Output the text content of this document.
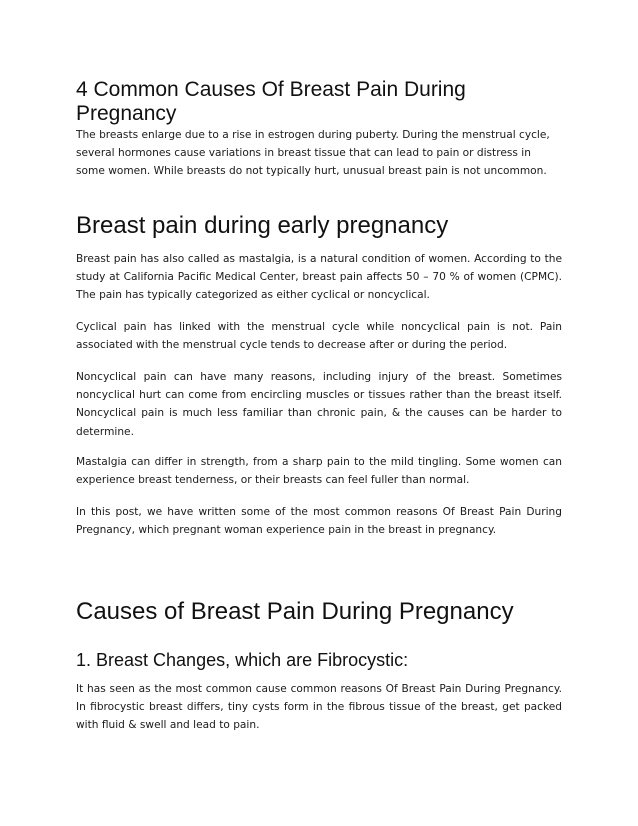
4 Common Causes Of Breast Pain During Pregnancy

The breasts enlarge due to a rise in estrogen during puberty. During the menstrual cycle, several hormones cause variations in breast tissue that can lead to pain or distress in some women. While breasts do not typically hurt, unusual breast pain is not uncommon.

Breast pain during early pregnancy

Breast pain has also called as mastalgia, is a natural condition of women. According to the study at California Pacific Medical Center, breast pain affects 50 – 70 % of women (CPMC). The pain has typically categorized as either cyclical or noncyclical.

Cyclical pain has linked with the menstrual cycle while noncyclical pain is not. Pain associated with the menstrual cycle tends to decrease after or during the period.

Noncyclical pain can have many reasons, including injury of the breast. Sometimes noncyclical hurt can come from encircling muscles or tissues rather than the breast itself. Noncyclical pain is much less familiar than chronic pain, & the causes can be harder to determine.

Mastalgia can differ in strength, from a sharp pain to the mild tingling. Some women can experience breast tenderness, or their breasts can feel fuller than normal.

In this post, we have written some of the most common reasons Of Breast Pain During Pregnancy, which pregnant woman experience pain in the breast in pregnancy.

Causes of Breast Pain During Pregnancy
1. Breast Changes, which are Fibrocystic:

It has seen as the most common cause common reasons Of Breast Pain During Pregnancy. In fibrocystic breast differs, tiny cysts form in the fibrous tissue of the breast, get packed with fluid & swell and lead to pain.
